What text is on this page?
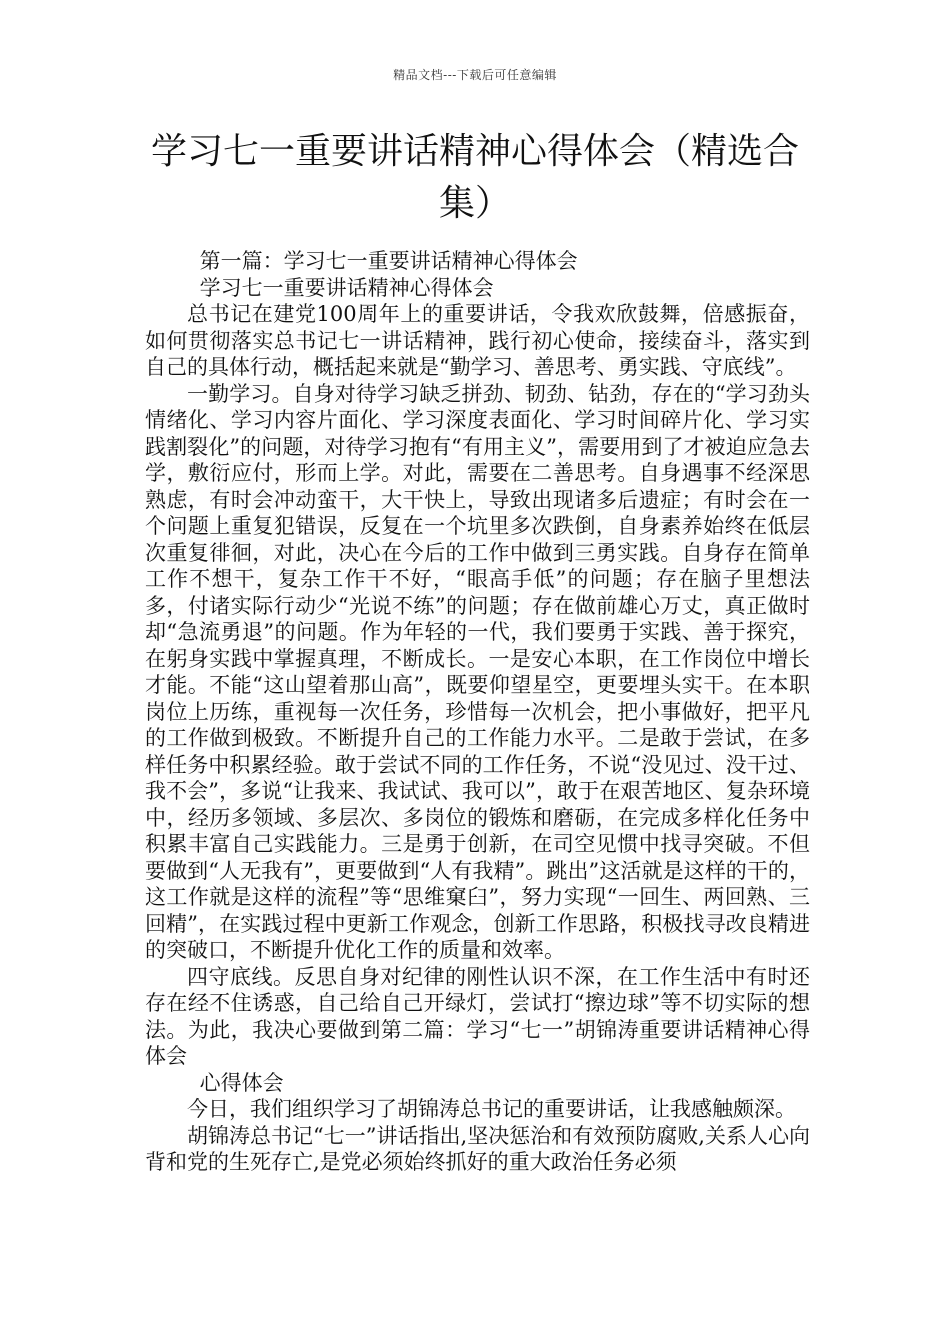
精品文档---下载后可任意编辑
学习七一重要讲话精神心得体会（精选合集）

第一篇：学习七一重要讲话精神心得体会

学习七一重要讲话精神心得体会

总书记在建党100周年上的重要讲话，令我欢欣鼓舞，倍感振奋，如何贯彻落实总书记七一讲话精神，践行初心使命，接续奋斗，落实到自己的具体行动，概括起来就是“勤学习、善思考、勇实践、守底线”。

一勤学习。自身对待学习缺乏拼劲、韧劲、钻劲，存在的“学习劲头情绪化、学习内容片面化、学习深度表面化、学习时间碎片化、学习实践割裂化”的问题，对待学习抱有“有用主义”，需要用到了才被迫应急去学，敷衍应付，形而上学。对此，需要在二善思考。自身遇事不经深思熟虑，有时会冲动蛮干，大干快上，导致出现诸多后遗症；有时会在一个问题上重复犯错误，反复在一个坑里多次跌倒，自身素养始终在低层次重复徘徊，对此，决心在今后的工作中做到三勇实践。自身存在简单工作不想干，复杂工作干不好，“眼高手低”的问题；存在脑子里想法多，付诸实际行动少“光说不练”的问题；存在做前雄心万丈，真正做时却“急流勇退”的问题。作为年轻的一代，我们要勇于实践、善于探究，在躬身实践中掌握真理，不断成长。一是安心本职，在工作岗位中增长才能。不能“这山望着那山高”，既要仰望星空，更要埋头实干。在本职岗位上历练，重视每一次任务，珍惜每一次机会，把小事做好，把平凡的工作做到极致。不断提升自己的工作能力水平。二是敢于尝试，在多样任务中积累经验。敢于尝试不同的工作任务，不说“没见过、没干过、我不会”，多说“让我来、我试试、我可以”，敢于在艰苦地区、复杂环境中，经历多领域、多层次、多岗位的锻炼和磨砺，在完成多样化任务中积累丰富自己实践能力。三是勇于创新，在司空见惯中找寻突破。不但要做到“人无我有”，更要做到“人有我精”。跳出”这活就是这样的干的，这工作就是这样的流程”等“思维窠臼”，努力实现“一回生、两回熟、三回精”，在实践过程中更新工作观念，创新工作思路，积极找寻改良精进的突破口，不断提升优化工作的质量和效率。

四守底线。反思自身对纪律的刚性认识不深，在工作生活中有时还存在经不住诱惑，自己给自己开绿灯，尝试打“擦边球”等不切实际的想法。为此，我决心要做到第二篇：学习“七一”胡锦涛重要讲话精神心得体会

心得体会

今日，我们组织学习了胡锦涛总书记的重要讲话，让我感触颇深。

胡锦涛总书记“七一”讲话指出,坚决惩治和有效预防腐败,关系人心向背和党的生死存亡,是党必须始终抓好的重大政治任务必须
